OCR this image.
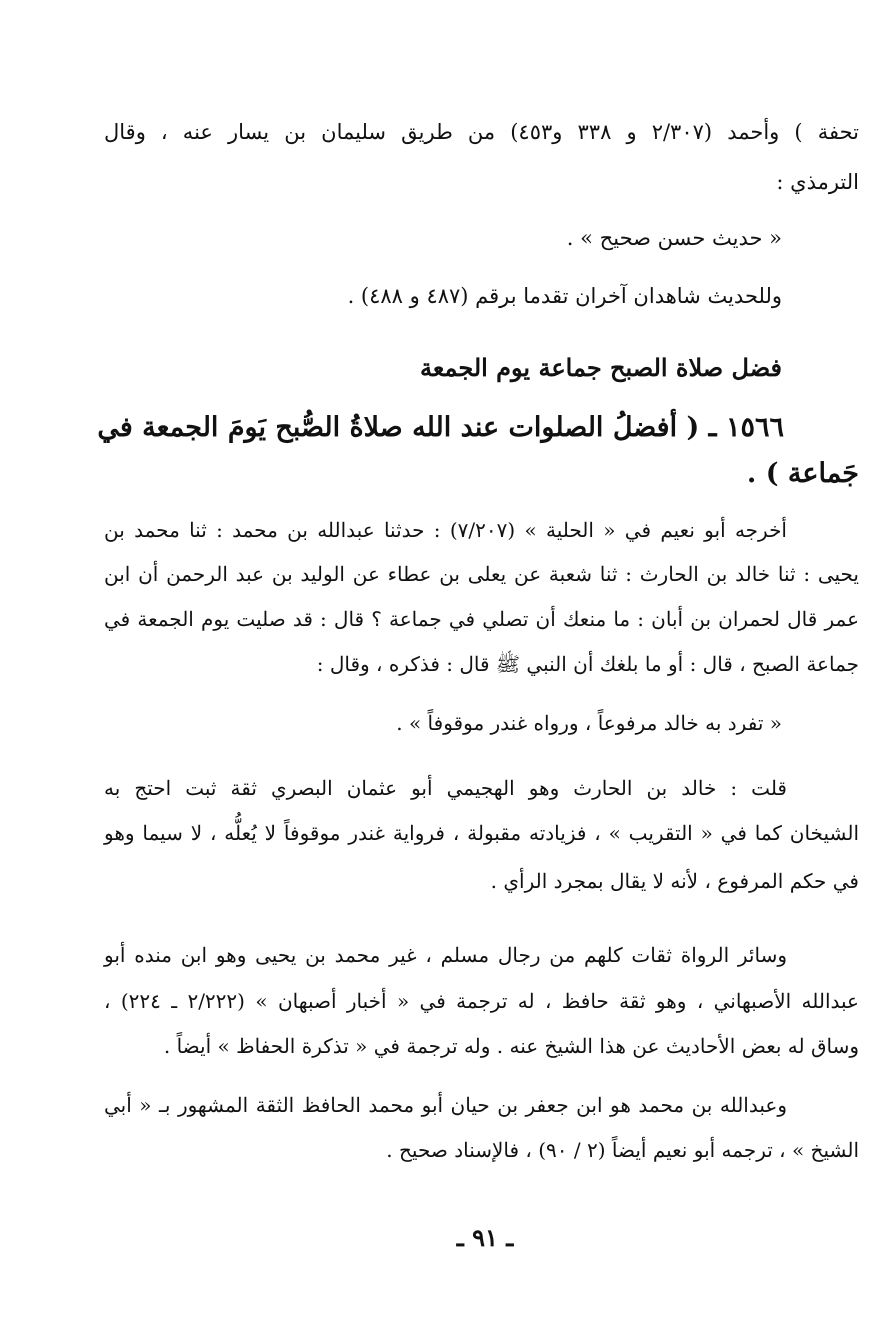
تحفة ) وأحمد (٢/٣٠٧ و ٣٣٨ و٤٥٣) من طريق سليمان بن يسار عنه ، وقال
الترمذي :
« حديث حسن صحيح » .
وللحديث شاهدان آخران تقدما برقم (٤٨٧ و ٤٨٨) .
فضل صلاة الصبح جماعة يوم الجمعة
١٥٦٦ ـ ( أفضلُ الصلوات عند الله صلاةُ الصُّبح يَومَ الجمعة في
جَماعة ) .
أخرجه أبو نعيم في « الحلية » (٧/٢٠٧) : حدثنا عبدالله بن محمد : ثنا محمد بن
يحيى : ثنا خالد بن الحارث : ثنا شعبة عن يعلى بن عطاء عن الوليد بن عبد الرحمن أن ابن
عمر قال لحمران بن أبان : ما منعك أن تصلي في جماعة ؟ قال : قد صليت يوم الجمعة في
جماعة الصبح ، قال : أو ما بلغك أن النبي ﷺ قال : فذكره ، وقال :
« تفرد به خالد مرفوعاً ، ورواه غندر موقوفاً » .
قلت : خالد بن الحارث وهو الهجيمي أبو عثمان البصري ثقة ثبت احتج به
الشيخان كما في « التقريب » ، فزيادته مقبولة ، فرواية غندر موقوفاً لا يُعلُّه ، لا سيما وهو
في حكم المرفوع ، لأنه لا يقال بمجرد الرأي .
وسائر الرواة ثقات كلهم من رجال مسلم ، غير محمد بن يحيى وهو ابن منده أبو
عبدالله الأصبهاني ، وهو ثقة حافظ ، له ترجمة في « أخبار أصبهان » (٢/٢٢٢ ـ ٢٢٤) ،
وساق له بعض الأحاديث عن هذا الشيخ عنه . وله ترجمة في « تذكرة الحفاظ » أيضاً .
وعبدالله بن محمد هو ابن جعفر بن حيان أبو محمد الحافظ الثقة المشهور بـ « أبي
الشيخ » ، ترجمه أبو نعيم أيضاً (٢ / ٩٠) ، فالإسناد صحيح .
ـ ٩١ ـ
